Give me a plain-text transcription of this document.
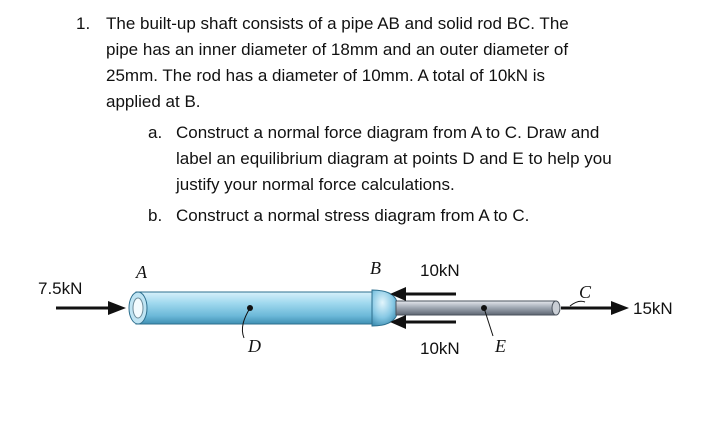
1. The built-up shaft consists of a pipe AB and solid rod BC. The
pipe has an inner diameter of 18mm and an outer diameter of
25mm. The rod has a diameter of 10mm. A total of 10kN is
applied at B.
a. Construct a normal force diagram from A to C. Draw and
label an equilibrium diagram at points D and E to help you
justify your normal force calculations.
b. Construct a normal stress diagram from A to C.
7.5kN
D	E
A	B 10kN
10kN
C
15kN
